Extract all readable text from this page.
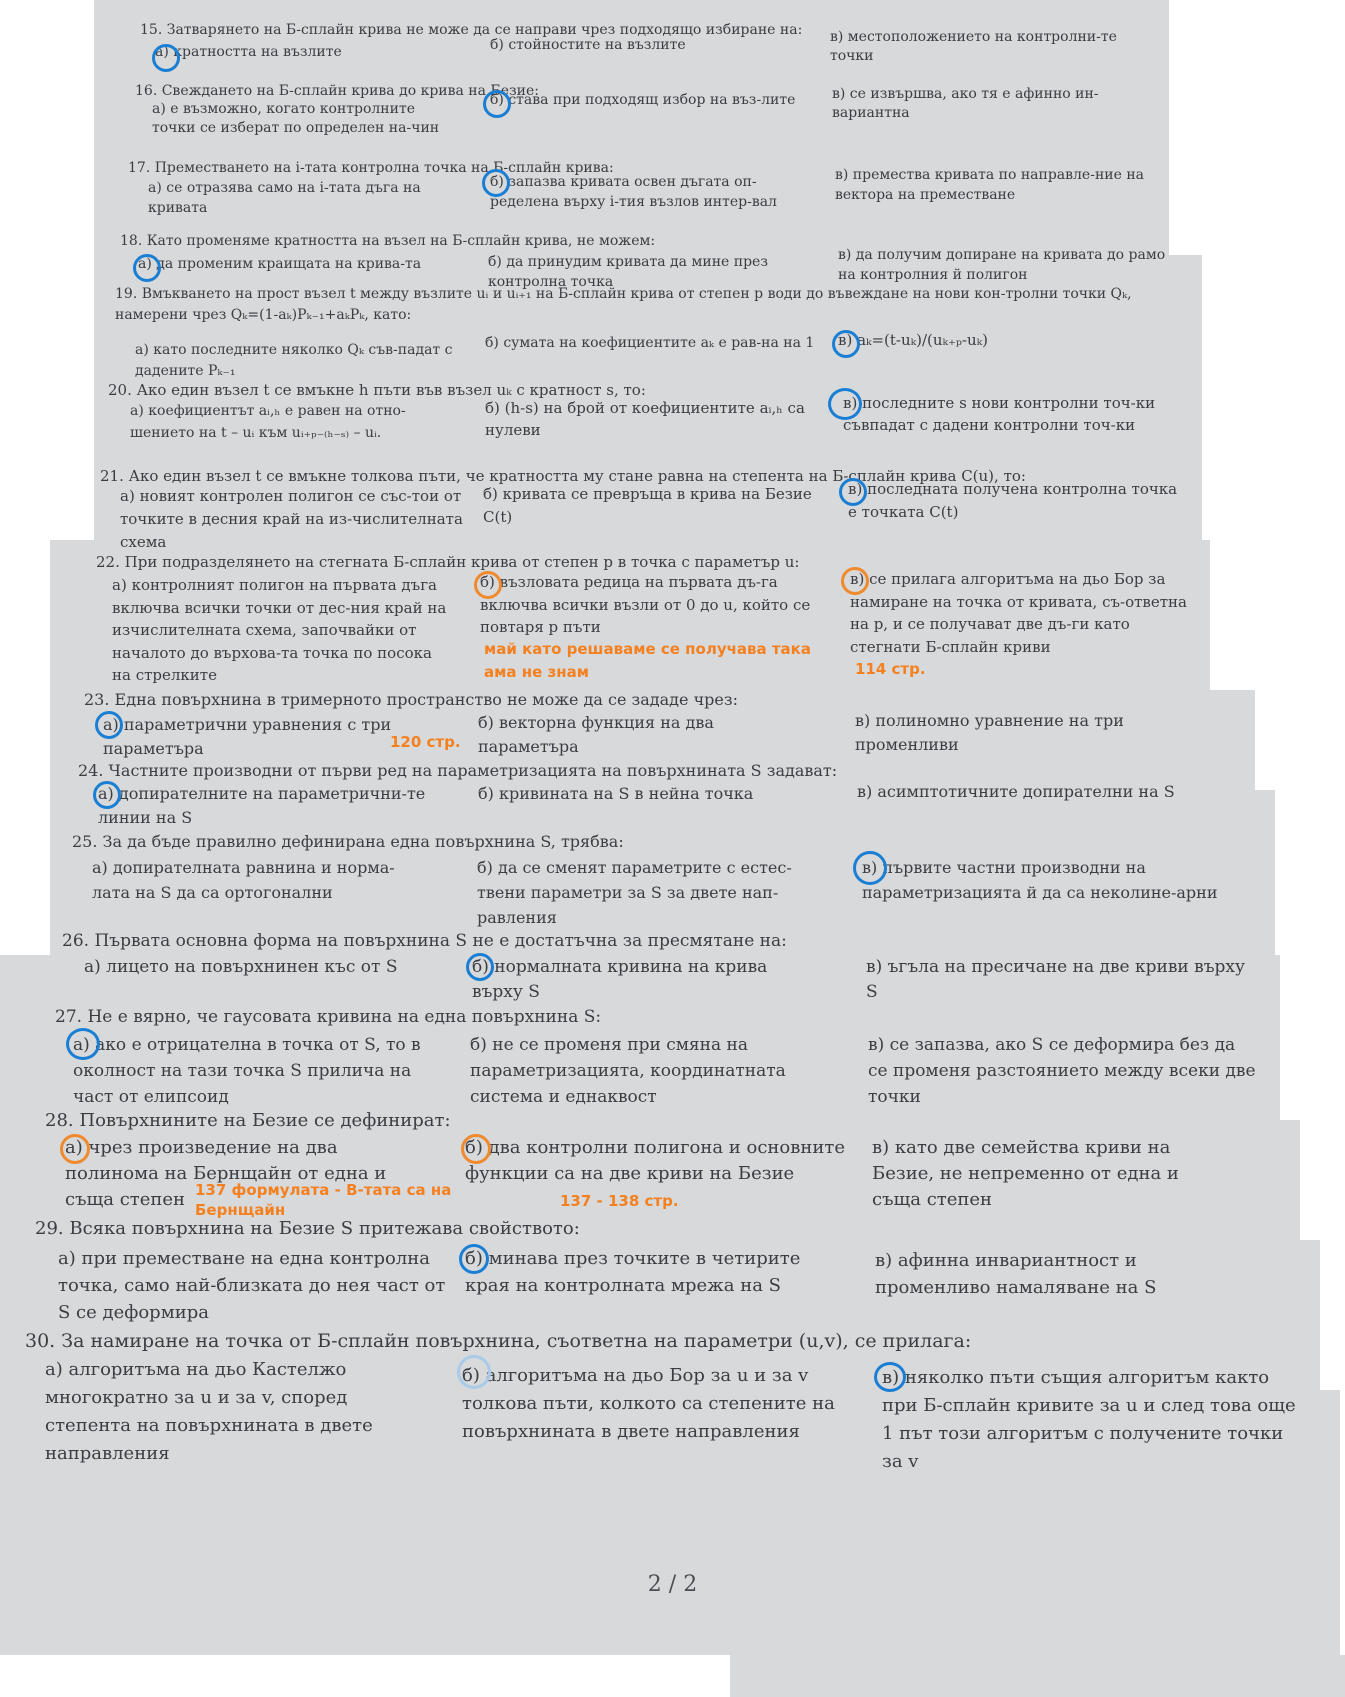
15. Затварянето на Б-сплайн крива не може да се направи чрез подходящо избиране на:
а) кратността на възлите	б) стойностите на възлите	в) местоположението на контролни-те точки
16. Свеждането на Б-сплайн крива до крива на Безие:
а) е възможно, когато контролните точки се изберат по определен на-чин
б) става при подходящ избор на въз-лите	в) се извършва, ако тя е афинно ин-вариантна
17. Преместването на i-тата контролна точка на Б-сплайн крива:
а) се отразява само на i-тата дъга на кривата
б) запазва кривата освен дъгата оп-ределена върху i-тия възлов интер-вал
в) премества кривата по направле-ние на вектора на преместване
18. Като променяме кратността на възел на Б-сплайн крива, не можем:
а) да променим краищата на крива-та	б) да принудим кривата да мине през контролна точка
в) да получим допиране на кривата до рамо на контролния й полигон
19. Вмъкването на прост възел t между възлите uᵢ и uᵢ₊₁ на Б-сплайн крива от степен p води до въвеждане на нови кон-тролни точки Qₖ, намерени чрез Qₖ=(1-aₖ)Pₖ₋₁+aₖPₖ, като:
а) като последните няколко Qₖ съв-падат с дадените Pₖ₋₁
б) сумата на коефициентите aₖ е рав-на на 1 в) aₖ=(t-uₖ)/(uₖ₊ₚ-uₖ)
20. Ако един възел t се вмъкне h пъти във възел uₖ с кратност s, то:
а) коефициентът aᵢ,ₕ е равен на отно-шението на t – uᵢ към uᵢ₊ₚ₋₍ₕ₋ₛ₎ – uᵢ.
б) (h-s) на брой от коефициентите aᵢ,ₕ са нулеви
в) последните s нови контролни точ-ки съвпадат с дадени контролни точ-ки
21. Ако един възел t се вмъкне толкова пъти, че кратността му стане равна на степента на Б-сплайн крива C(u), то:
а) новият контролен полигон се със-тои от точките в десния край на из-числителната схема
б) кривата се превръща в крива на Безие C(t)
в) последната получена контролна точка е точката C(t)
22. При подразделянето на стегната Б-сплайн крива от степен p в точка с параметър u:
а) контролният полигон на първата дъга включва всички точки от дес-ния край на изчислителната схема, започвайки от началото до върхова-та точка по посока на стрелките
б) възловата редица на първата дъ-га включва всички възли от 0 до u, който се повтаря p пъти
в) се прилага алгоритъма на дьо Бор за намиране на точка от кривата, съ-ответна на p, и се получават две дъ-ги като стегнати Б-сплайн криви
май като решаваме се получава така ама не знам	114 стр.
23. Една повърхнина в тримерното пространство не може да се зададе чрез:
а) параметрични уравнения с три параметъра
б) векторна функция на два параметъра
в) полиномно уравнение на три променливи
120 стр.
24. Частните производни от първи ред на параметризацията на повърхнината S задават:
а) допирателните на параметрични-те линии на S
б) кривината на S в нейна точка	в) асимптотичните допирателни на S
25. За да бъде правилно дефинирана една повърхнина S, трябва:
а) допирателната равнина и норма-лата на S да са ортогонални
б) да се сменят параметрите с естес-твени параметри за S за двете нап-равления
в) първите частни производни на параметризацията й да са неколине-арни
26. Първата основна форма на повърхнина S не е достатъчна за пресмятане на:
а) лицето на повърхнинен къс от S	б) нормалната кривина на крива върху S
в) ъгъла на пресичане на две криви върху S
27. Не е вярно, че гаусовата кривина на една повърхнина S:
а) ако е отрицателна в точка от S, то в околност на тази точка S прилича на част от елипсоид
б) не се променя при смяна на параметризацията, координатната система и еднаквост
в) се запазва, ако S се деформира без да се променя разстоянието между всеки две точки
28. Повърхнините на Безие се дефинират:
а) чрез произведение на два полинома на Бернщайн от една и съща степен
б) два контролни полигона и основните функции са на две криви на Безие
в) като две семейства криви на Безие, не непременно от една и съща степен
137 формулата - В-тата са на Бернщайн	137 - 138 стр.
29. Всяка повърхнина на Безие S притежава свойството:
а) при преместване на една контролна точка, само най-близката до нея част от S се деформира
б) минава през точките в четирите края на контролната мрежа на S
в) афинна инвариантност и променливо намаляване на S
30. За намиране на точка от Б-сплайн повърхнина, съответна на параметри (u,v), се прилага:
а) алгоритъма на дьо Кастелжо многократно за u и за v, според степента на повърхнината в двете направления
б) алгоритъма на дьо Бор за u и за v толкова пъти, колкото са степените на повърхнината в двете направления
в) няколко пъти същия алгоритъм както при Б-сплайн кривите за u и след това още 1 път този алгоритъм с получените точки за v
2 / 2
